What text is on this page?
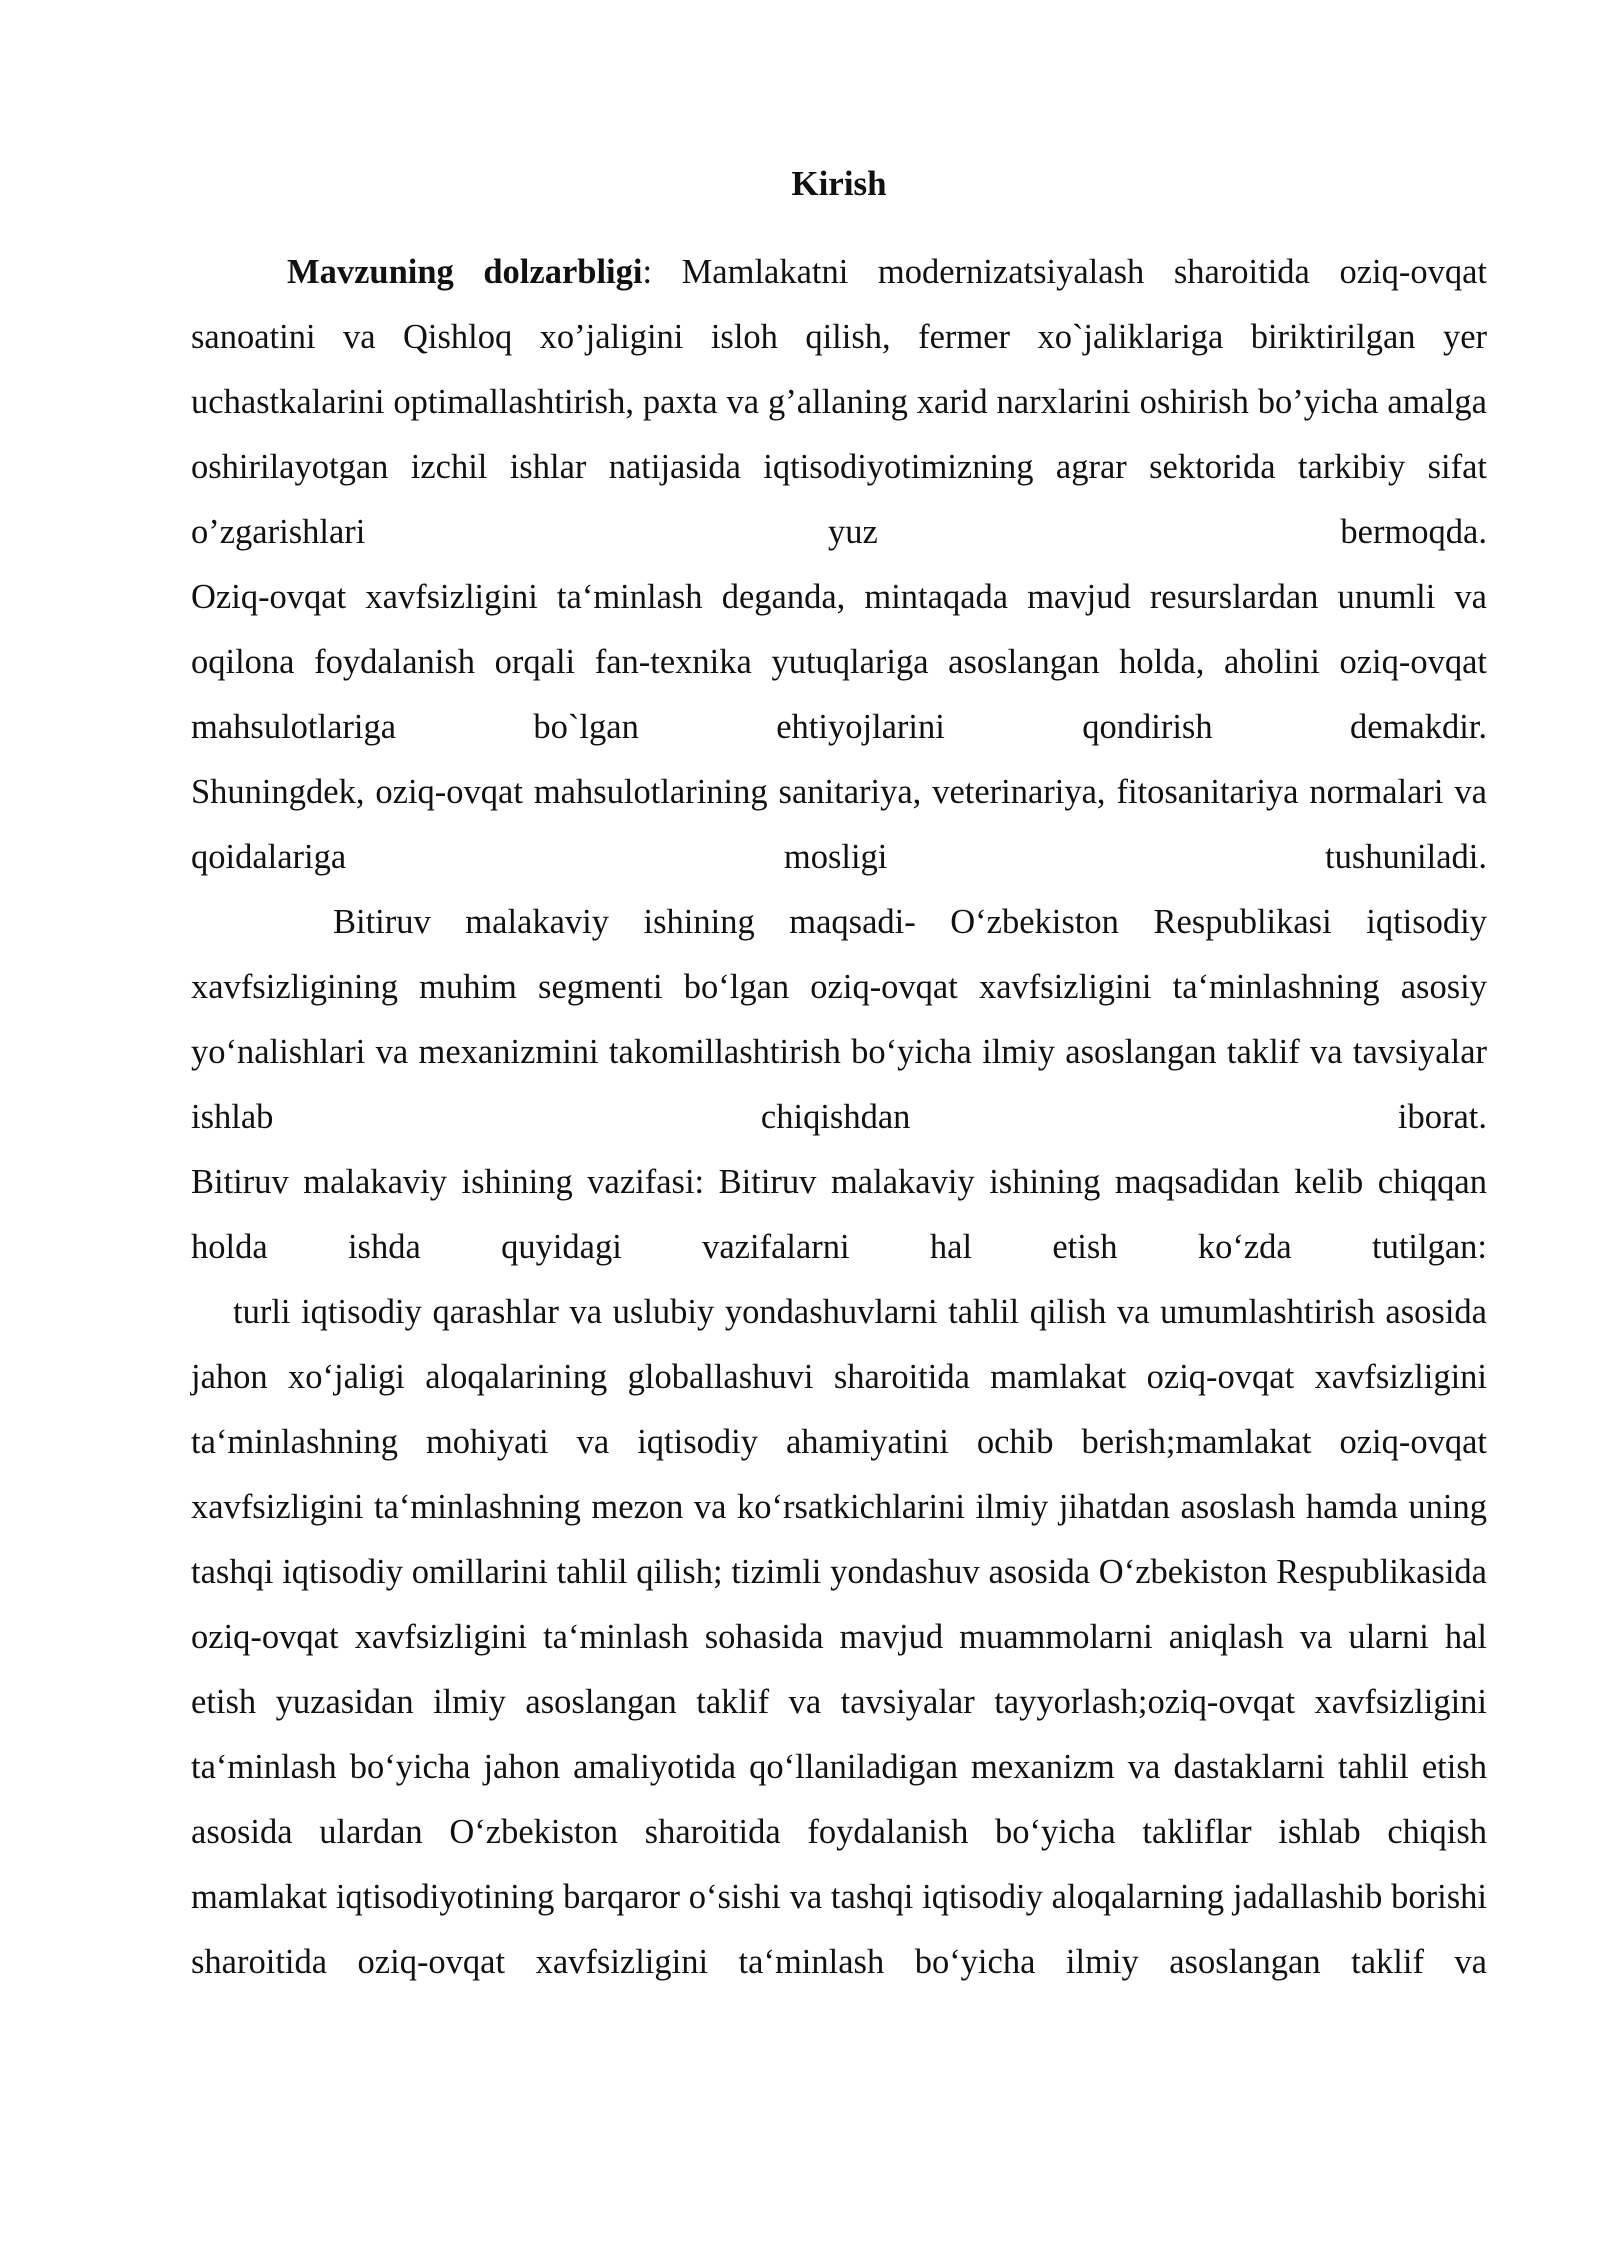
Kirish

Mavzuning dolzarbligi: Mamlakatni modernizatsiyalash sharoitida oziq-ovqat sanoatini va Qishloq xo’jaligini isloh qilish, fermer xo`jaliklariga biriktirilgan yer uchastkalarini optimallashtirish, paxta va g’allaning xarid narxlarini oshirish bo’yicha amalga oshirilayotgan izchil ishlar natijasida iqtisodiyotimizning agrar sektorida tarkibiy sifat o’zgarishlari yuz bermoqda.

Oziq-ovqat xavfsizligini ta‘minlash deganda, mintaqada mavjud resurslardan unumli va oqilona foydalanish orqali fan-texnika yutuqlariga asoslangan holda, aholini oziq-ovqat mahsulotlariga bo`lgan ehtiyojlarini qondirish demakdir.

Shuningdek, oziq-ovqat mahsulotlarining sanitariya, veterinariya, fitosanitariya normalari va qoidalariga mosligi tushuniladi.

Bitiruv malakaviy ishining maqsadi- O‘zbekiston Respublikasi iqtisodiy xavfsizligining muhim segmenti bo‘lgan oziq-ovqat xavfsizligini ta‘minlashning asosiy yo‘nalishlari va mexanizmini takomillashtirish bo‘yicha ilmiy asoslangan taklif va tavsiyalar ishlab chiqishdan iborat.

Bitiruv malakaviy ishining vazifasi: Bitiruv malakaviy ishining maqsadidan kelib chiqqan holda ishda quyidagi vazifalarni hal etish ko‘zda tutilgan:

turli iqtisodiy qarashlar va uslubiy yondashuvlarni tahlil qilish va umumlashtirish asosida jahon xo‘jaligi aloqalarining globallashuvi sharoitida mamlakat oziq-ovqat xavfsizligini ta‘minlashning mohiyati va iqtisodiy ahamiyatini ochib berish;mamlakat oziq-ovqat xavfsizligini ta‘minlashning mezon va ko‘rsatkichlarini ilmiy jihatdan asoslash hamda uning tashqi iqtisodiy omillarini tahlil qilish; tizimli yondashuv asosida O‘zbekiston Respublikasida oziq-ovqat xavfsizligini ta‘minlash sohasida mavjud muammolarni aniqlash va ularni hal etish yuzasidan ilmiy asoslangan taklif va tavsiyalar tayyorlash;oziq-ovqat xavfsizligini ta‘minlash bo‘yicha jahon amaliyotida qo‘llaniladigan mexanizm va dastaklarni tahlil etish asosida ulardan O‘zbekiston sharoitida foydalanish bo‘yicha takliflar ishlab chiqish mamlakat iqtisodiyotining barqaror o‘sishi va tashqi iqtisodiy aloqalarning jadallashib borishi sharoitida oziq-ovqat xavfsizligini ta‘minlash bo‘yicha ilmiy asoslangan taklif va
